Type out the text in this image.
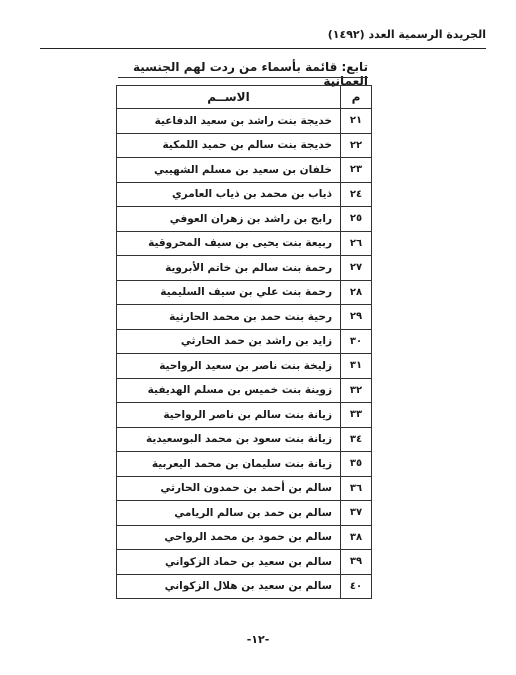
الجريدة الرسمية العدد (١٤٩٢)
تابع: قائمة بأسماء من ردت لهم الجنسية العمانية
م	الاســم
٢١	خديجة بنت راشد بن سعيد الدفاعية
٢٢	خديجة بنت سالم بن حميد اللمكية
٢٣	خلفان بن سعيد بن مسلم الشهيبي
٢٤	ذياب بن محمد بن ذياب العامري
٢٥	رابح بن راشد بن زهران العوفي
٢٦	ربيعة بنت يحيى بن سيف المحروقية
٢٧	رحمة بنت سالم بن خاتم الأبروية
٢٨	رحمة بنت علي بن سيف السليمية
٢٩	رحية بنت حمد بن محمد الحارثية
٣٠	زايد بن راشد بن حمد الحارثي
٣١	زليخة بنت ناصر بن سعيد الرواحية
٣٢	زوينة بنت خميس بن مسلم الهديفية
٣٣	زيانة بنت سالم بن ناصر الرواحية
٣٤	زيانة بنت سعود بن محمد البوسعيدية
٣٥	زيانة بنت سليمان بن محمد اليعربية
٣٦	سالم بن أحمد بن حمدون الحارثي
٣٧	سالم بن حمد بن سالم الريامي
٣٨	سالم بن حمود بن محمد الرواحي
٣٩	سالم بن سعيد بن حماد الزكواني
٤٠	سالم بن سعيد بن هلال الزكواني
-١٢-
